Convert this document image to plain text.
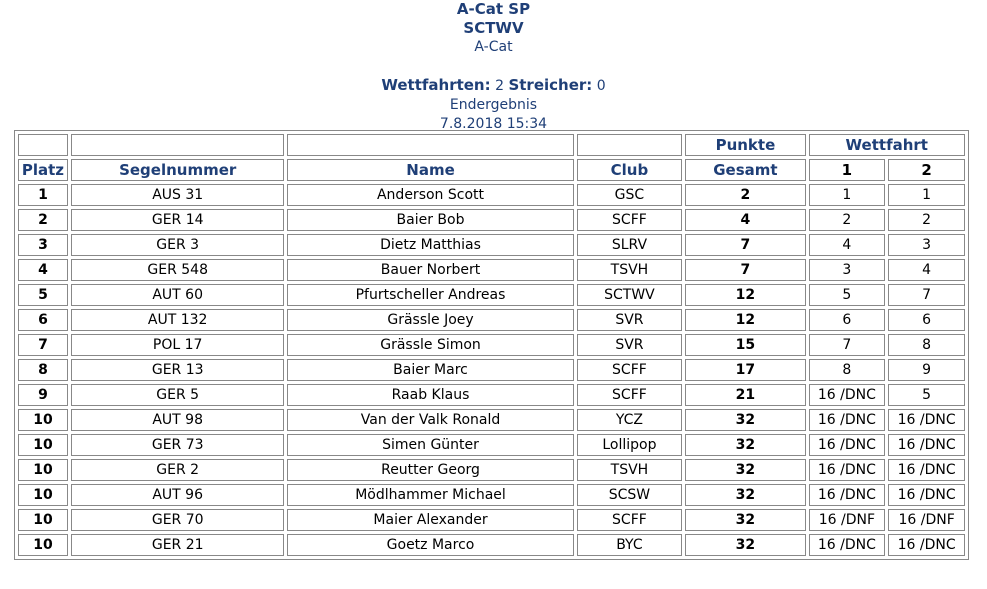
A-Cat SP
SCTWV
A-Cat
Wettfahrten: 2 Streicher: 0
Endergebnis
7.8.2018 15:34
				Punkte	Wettfahrt	
Platz	Segelnummer	Name	Club	Gesamt	1	2
1	AUS 31	Anderson Scott	GSC	2	1	1
2	GER 14	Baier Bob	SCFF	4	2	2
3	GER 3	Dietz Matthias	SLRV	7	4	3
4	GER 548	Bauer Norbert	TSVH	7	3	4
5	AUT 60	Pfurtscheller Andreas	SCTWV	12	5	7
6	AUT 132	Grässle Joey	SVR	12	6	6
7	POL 17	Grässle Simon	SVR	15	7	8
8	GER 13	Baier Marc	SCFF	17	8	9
9	GER 5	Raab Klaus	SCFF	21	16 /DNC	5
10	AUT 98	Van der Valk Ronald	YCZ	32	16 /DNC	16 /DNC
10	GER 73	Simen Günter	Lollipop	32	16 /DNC	16 /DNC
10	GER 2	Reutter Georg	TSVH	32	16 /DNC	16 /DNC
10	AUT 96	Mödlhammer Michael	SCSW	32	16 /DNC	16 /DNC
10	GER 70	Maier Alexander	SCFF	32	16 /DNF	16 /DNF
10	GER 21	Goetz Marco	BYC	32	16 /DNC	16 /DNC
